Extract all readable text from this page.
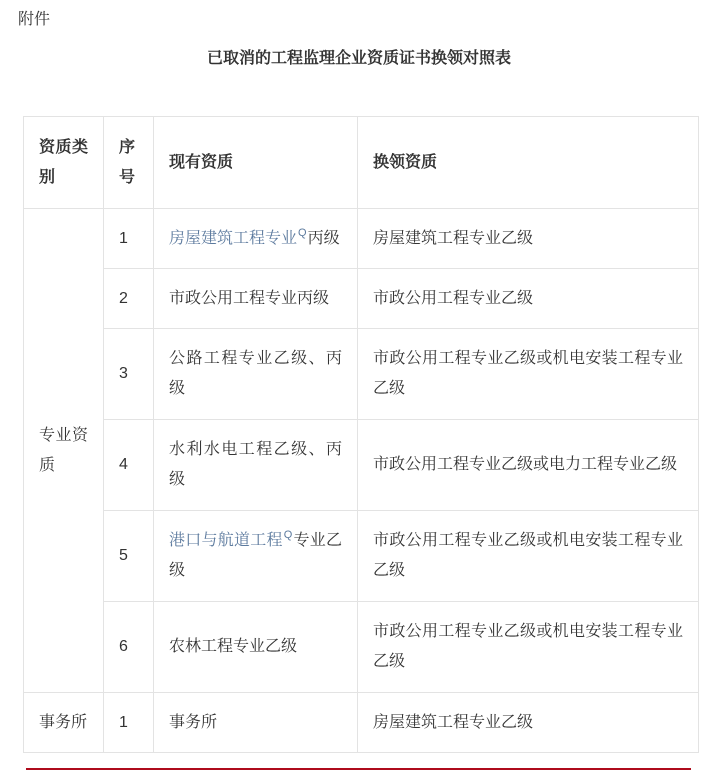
附件
已取消的工程监理企业资质证书换领对照表
资质类别	序号	现有资质	换领资质
专业资质	1	房屋建筑工程专业$^Q$丙级	房屋建筑工程专业乙级
	2	市政公用工程专业丙级	市政公用工程专业乙级
	3	公路工程专业乙级、丙级	市政公用工程专业乙级或机电安装工程专业乙级
	4	水利水电工程乙级、丙级	市政公用工程专业乙级或电力工程专业乙级
	5	港口与航道工程$^Q$专业乙级	市政公用工程专业乙级或机电安装工程专业乙级
	6	农林工程专业乙级	市政公用工程专业乙级或机电安装工程专业乙级
事务所	1	事务所	房屋建筑工程专业乙级
